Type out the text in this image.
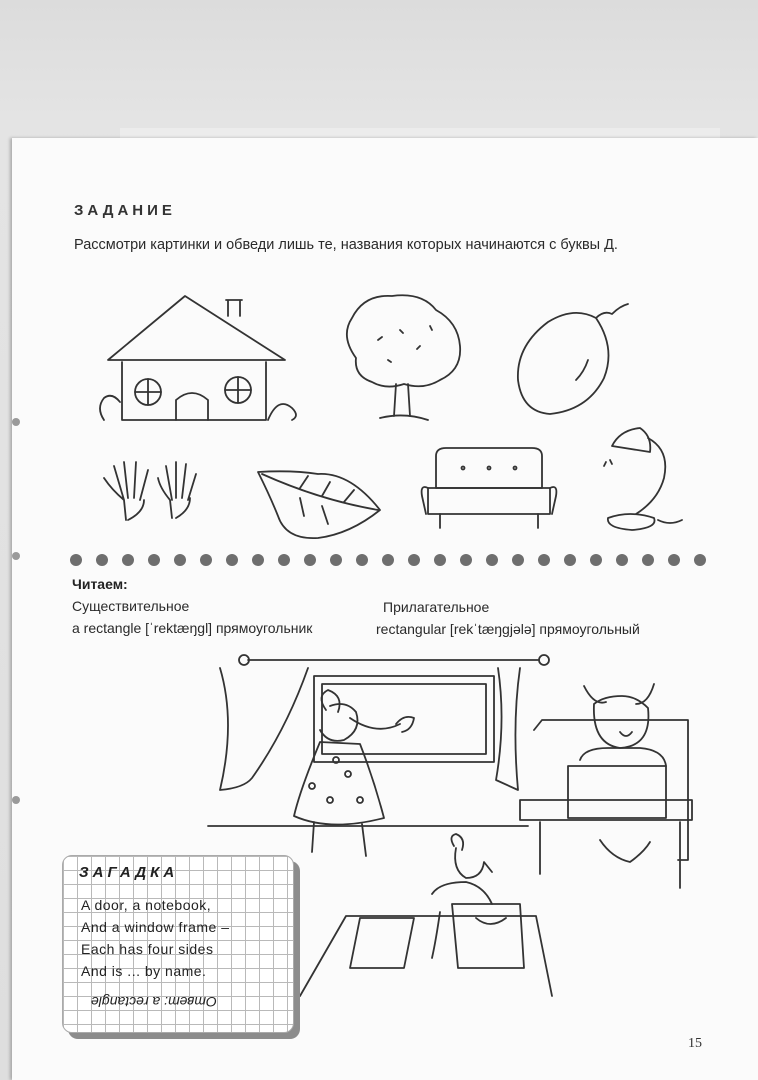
ЗАДАНИЕ
Рассмотри картинки и обведи лишь те, названия которых начинаются с буквы Д.
Читаем:
Существительное
a rectangle [ˈrektæŋgl] прямоугольник
Прилагательное
rectangular [rekˈtæŋgjələ] прямоугольный
ЗАГАДКА
A door, a notebook,
And a window frame –
Each has four sides
And is ... by name.
Ответ: a rectangle
15
